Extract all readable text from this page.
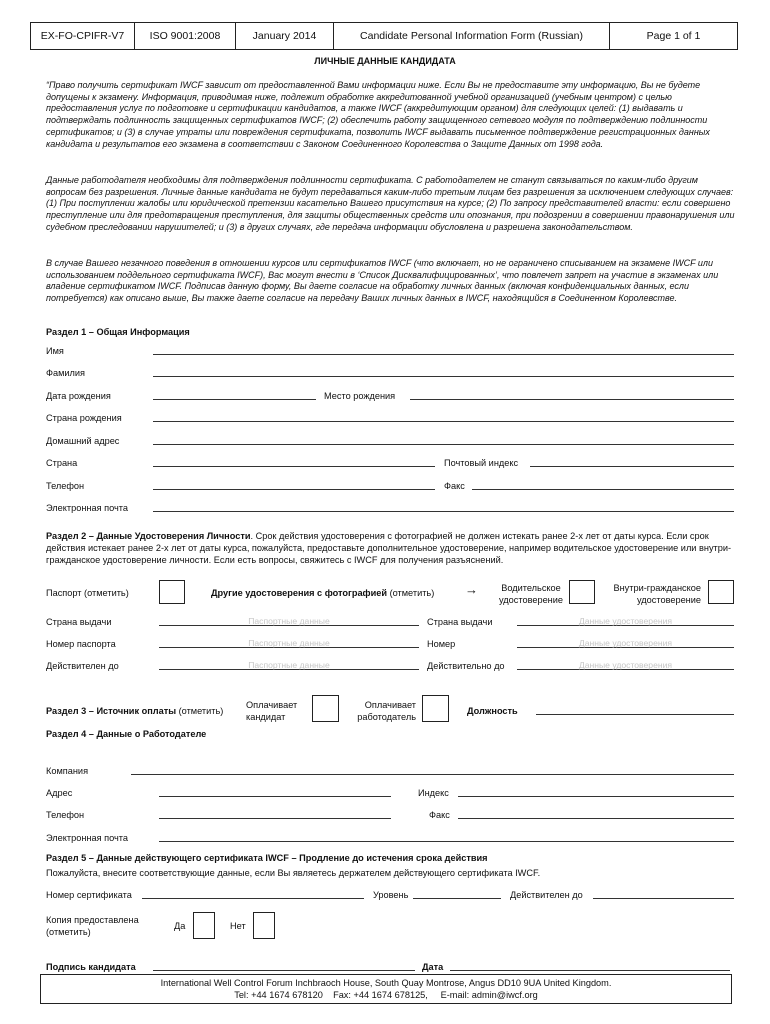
EX-FO-CPIFR-V7	ISO 9001:2008	January 2014	Candidate Personal Information Form (Russian)	Page 1 of 1
ЛИЧНЫЕ ДАННЫЕ КАНДИДАТА
“Право получить сертификат IWCF зависит от предоставленной Вами информации ниже. Если Вы не предоставите эту информацию, Вы не будете допущены к экзамену. Информация, приводимая ниже, подлежит обработке аккредитованной учебной организацией (учебным центром) с целью предоставления услуг по подготовке и сертификации кандидатов, а также IWCF (аккредитующим органом) для следующих целей: (1) выдавать и подтверждать подлинность защищенных сертификатов IWCF; (2) обеспечить работу защищенного сетевого модуля по подтверждению подлинности сертификатов; и (3) в случае утраты или повреждения сертификата, позволить IWCF выдавать письменное подтверждение регистрационных данных кандидата и результатов его экзамена в соответствии с Законом Соединенного Королевства о Защите Данных от 1998 года.
Данные работодателя необходимы для подтверждения подлинности сертификата. С работодателем не станут связываться по каким-либо другим вопросам без разрешения. Личные данные кандидата не будут передаваться каким-либо третьим лицам без разрешения за исключением следующих случаев: (1) При поступлении жалобы или юридической претензии касательно Вашего присутствия на курсе; (2) По запросу представителей власти: если совершено преступление или для предотвращения преступления, для защиты общественных средств или опознания, при подозрении в совершении правонарушения или судебном преследовании нарушителей; и (3) в других случаях, где передача информации обусловлена и разрешена законодательством.
В случае Вашего незачного поведения в отношении курсов или сертификатов IWCF (что включает, но не ограничено списыванием на экзамене IWCF или использованием поддельного сертификата IWCF), Вас могут внести в ‘Список Дисквалифицированных’, что повлечет запрет на участие в экзаменах или владение сертификатом IWCF. Подписав данную форму, Вы даете согласие на обработку личных данных (включая конфиденциальных данных, если потребуется) как описано выше, Вы также даете согласие на передачу Ваших личных данных в IWCF, находящийся в Соединенном Королевстве.
Раздел 1 – Общая Информация
Имя
Фамилия
Дата рождения	Место рождения
Страна рождения
Домашний адрес
Страна	Почтовый индекс
Телефон	Факс
Электронная почта
Раздел 2 – Данные Удостоверения Личности. Срок действия удостоверения с фотографией не должен истекать ранее 2-х лет от даты курса. Если срок действия истекает ранее 2-х лет от даты курса, пожалуйста, предоставьте дополнительное удостоверение, например водительское удостоверение или внутри-гражданское удостоверение личности. Если есть вопросы, свяжитесь с IWCF для получения разъяснений.
Паспорт (отметить)	Другие удостоверения с фотографией (отметить) →	Водительское
удостоверение
Внутри-гражданское
удостоверение
Страна выдачи	Паспортные данные	Страна выдачи	Данные удостоверения
Номер паспорта	Паспортные данные	Номер	Данные удостоверения
Действителен до	Паспортные данные	Действительно до	Данные удостоверения
Раздел 3 – Источник оплаты (отметить)
Оплачивает
кандидат
Оплачивает
работодатель
Должность
Раздел 4 – Данные о Работодателе
Компания
Адрес	Индекс
Телефон	Факс
Электронная почта
Раздел 5 – Данные действующего сертификата IWCF – Продление до истечения срока действия
Пожалуйста, внесите соответствующие данные, если Вы являетесь держателем действующего сертификата IWCF.
Номер сертификата	Уровень	Действителен до
Копия предоставлена
(отметить)
Да	Нет
Подпись кандидата	Дата
International Well Control Forum Inchbraoch House, South Quay Montrose, Angus DD10 9UA United Kingdom.
Tel: +44 1674 678120    Fax: +44 1674 678125,     E-mail: admin@iwcf.org
